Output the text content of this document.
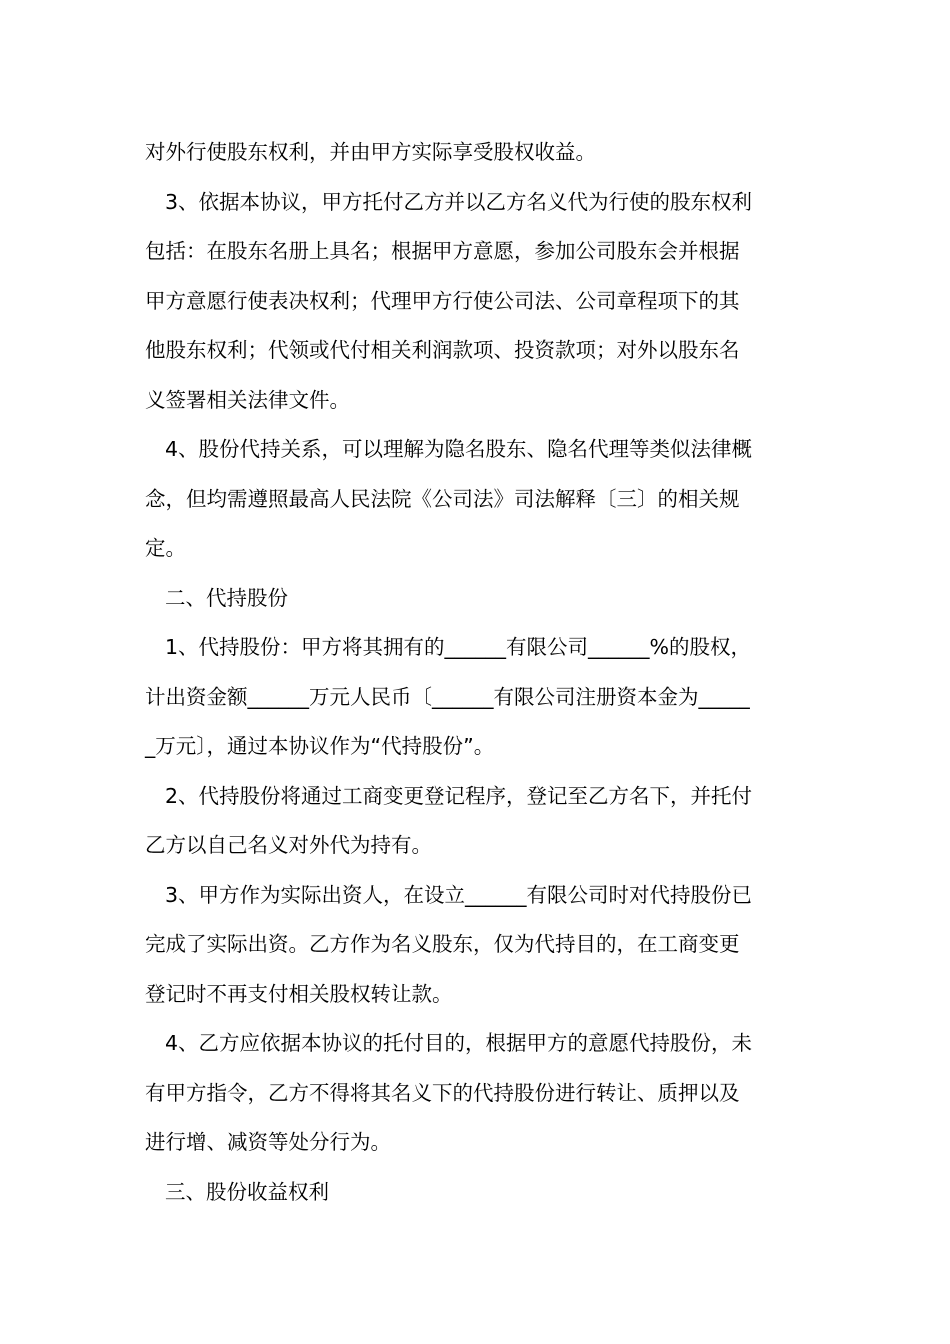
对外行使股东权利，并由甲方实际享受股权收益。
3、依据本协议，甲方托付乙方并以乙方名义代为行使的股东权利
包括：在股东名册上具名；根据甲方意愿，参加公司股东会并根据
甲方意愿行使表决权利；代理甲方行使公司法、公司章程项下的其
他股东权利；代领或代付相关利润款项、投资款项；对外以股东名
义签署相关法律文件。
4、股份代持关系，可以理解为隐名股东、隐名代理等类似法律概
念，但均需遵照最高人民法院《公司法》司法解释〔三〕的相关规
定。
二、代持股份
1、代持股份：甲方将其拥有的______有限公司______%的股权，
计出资金额______万元人民币〔______有限公司注册资本金为_____
_万元〕，通过本协议作为“代持股份”。
2、代持股份将通过工商变更登记程序，登记至乙方名下，并托付
乙方以自己名义对外代为持有。
3、甲方作为实际出资人，在设立______有限公司时对代持股份已
完成了实际出资。乙方作为名义股东，仅为代持目的，在工商变更
登记时不再支付相关股权转让款。
4、乙方应依据本协议的托付目的，根据甲方的意愿代持股份，未
有甲方指令，乙方不得将其名义下的代持股份进行转让、质押以及
进行增、减资等处分行为。
三、股份收益权利
